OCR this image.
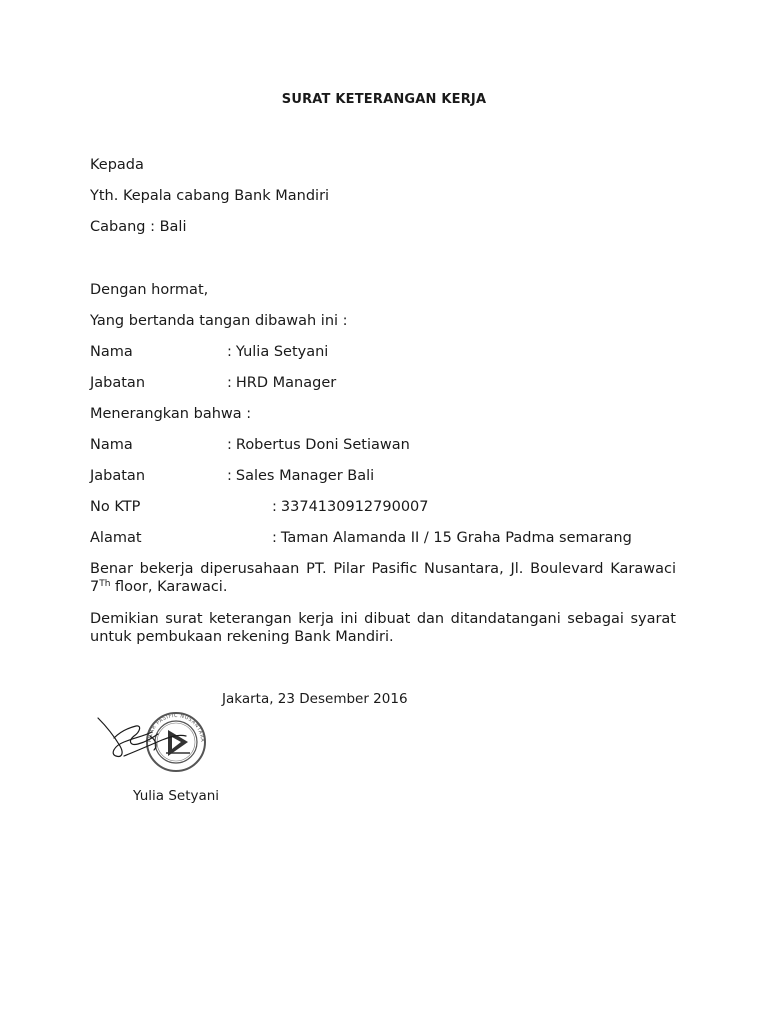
SURAT KETERANGAN KERJA
Kepada
Yth. Kepala cabang Bank Mandiri
Cabang : Bali
Dengan hormat,
Yang bertanda tangan dibawah ini :
Nama	: Yulia Setyani
Jabatan	: HRD Manager
Menerangkan bahwa :
Nama	: Robertus Doni Setiawan
Jabatan	: Sales Manager Bali
No KTP	: 3374130912790007
Alamat	: Taman Alamanda II / 15 Graha Padma semarang
Benar bekerja diperusahaan PT. Pilar Pasific Nusantara, Jl. Boulevard Karawaci 7Th floor, Karawaci.
Demikian surat keterangan kerja ini dibuat dan ditandatangani sebagai syarat untuk pembukaan rekening Bank Mandiri.
Jakarta, 23 Desember 2016
PILAR PASIFIC NUSANTARA
Yulia Setyani
